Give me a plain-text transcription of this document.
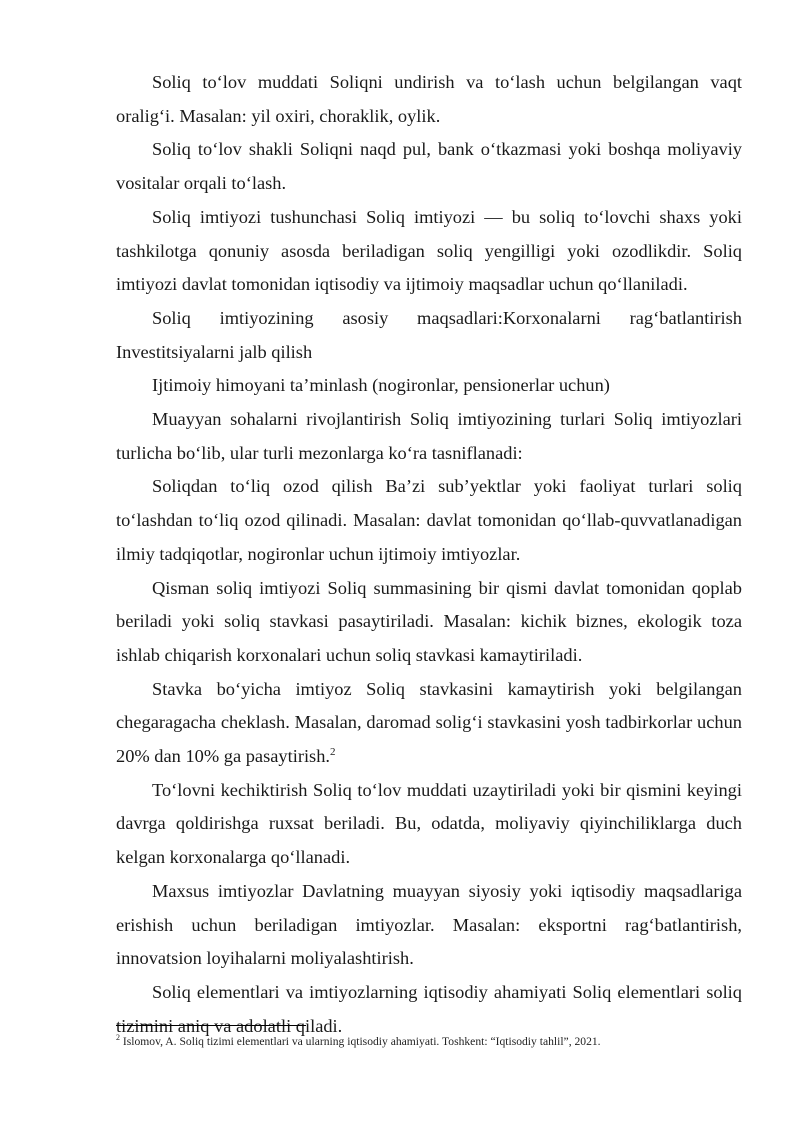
Soliq to‘lov muddati Soliqni undirish va to‘lash uchun belgilangan vaqt oralig‘i. Masalan: yil oxiri, choraklik, oylik.

Soliq to‘lov shakli Soliqni naqd pul, bank o‘tkazmasi yoki boshqa moliyaviy vositalar orqali to‘lash.

Soliq imtiyozi tushunchasi Soliq imtiyozi — bu soliq to‘lovchi shaxs yoki tashkilotga qonuniy asosda beriladigan soliq yengilligi yoki ozodlikdir. Soliq imtiyozi davlat tomonidan iqtisodiy va ijtimoiy maqsadlar uchun qo‘llaniladi.

Soliq imtiyozining asosiy maqsadlari:Korxonalarni rag‘batlantirish

Investitsiyalarni jalb qilish

Ijtimoiy himoyani ta’minlash (nogironlar, pensionerlar uchun)

Muayyan sohalarni rivojlantirish Soliq imtiyozining turlari Soliq imtiyozlari turlicha bo‘lib, ular turli mezonlarga ko‘ra tasniflanadi:

Soliqdan to‘liq ozod qilish Ba’zi sub’yektlar yoki faoliyat turlari soliq to‘lashdan to‘liq ozod qilinadi. Masalan: davlat tomonidan qo‘llab-quvvatlanadigan ilmiy tadqiqotlar, nogironlar uchun ijtimoiy imtiyozlar.

Qisman soliq imtiyozi Soliq summasining bir qismi davlat tomonidan qoplab beriladi yoki soliq stavkasi pasaytiriladi. Masalan: kichik biznes, ekologik toza ishlab chiqarish korxonalari uchun soliq stavkasi kamaytiriladi.

Stavka bo‘yicha imtiyoz Soliq stavkasini kamaytirish yoki belgilangan chegaragacha cheklash. Masalan, daromad solig‘i stavkasini yosh tadbirkorlar uchun 20% dan 10% ga pasaytirish.$^2$

To‘lovni kechiktirish Soliq to‘lov muddati uzaytiriladi yoki bir qismini keyingi davrga qoldirishga ruxsat beriladi. Bu, odatda, moliyaviy qiyinchiliklarga duch kelgan korxonalarga qo‘llanadi.

Maxsus imtiyozlar Davlatning muayyan siyosiy yoki iqtisodiy maqsadlariga erishish uchun beriladigan imtiyozlar. Masalan: eksportni rag‘batlantirish, innovatsion loyihalarni moliyalashtirish.

Soliq elementlari va imtiyozlarning iqtisodiy ahamiyati Soliq elementlari soliq tizimini aniq va adolatli qiladi.

$^2$ Islomov, A. Soliq tizimi elementlari va ularning iqtisodiy ahamiyati. Toshkent: “Iqtisodiy tahlil”, 2021.
